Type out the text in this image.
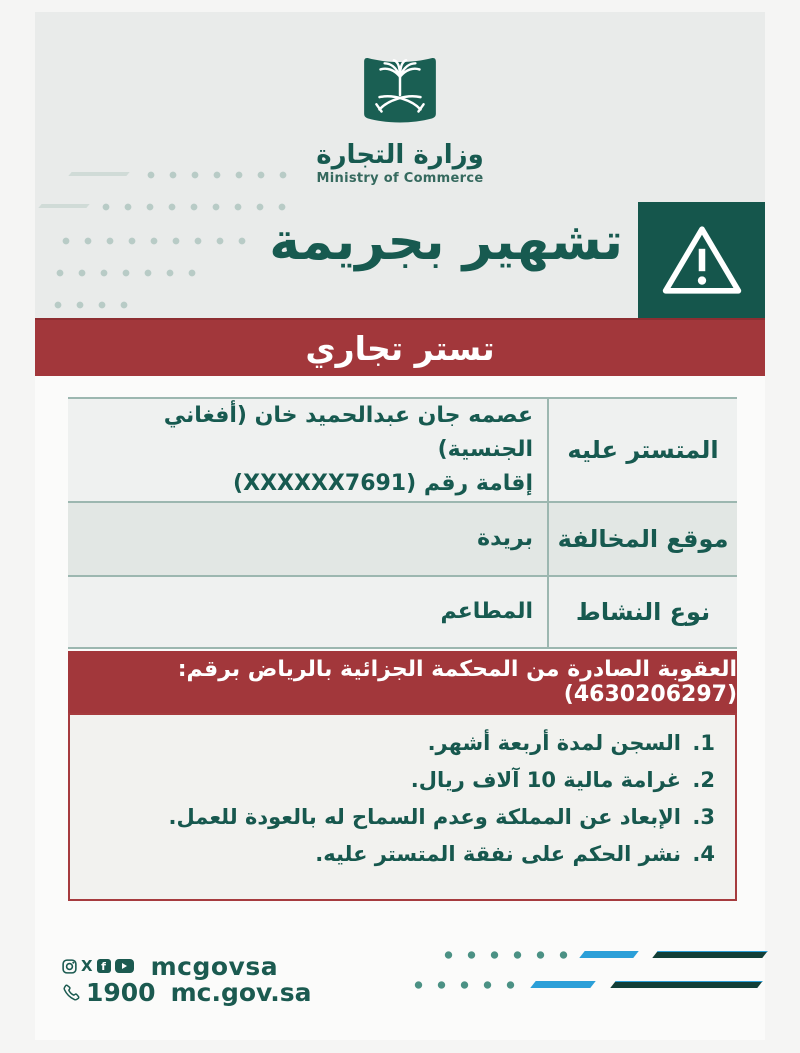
وزارة التجارة
Ministry of Commerce
تشهير بجريمة
تستر تجاري
عصمه جان عبدالحميد خان (أفغاني الجنسية)
إقامة رقم (XXXXXX7691)
المتستر عليه
بريدة	موقع المخالفة
المطاعم	نوع النشاط
العقوبة الصادرة من المحكمة الجزائية بالرياض برقم: (4630206297)
1.
السجن لمدة أربعة أشهر.
2.
غرامة مالية 10 آلاف ريال.
3.
الإبعاد عن المملكة وعدم السماح له بالعودة للعمل.
4.
نشر الحكم على نفقة المتستر عليه.
X f mcgovsa
1900 mc.gov.sa
